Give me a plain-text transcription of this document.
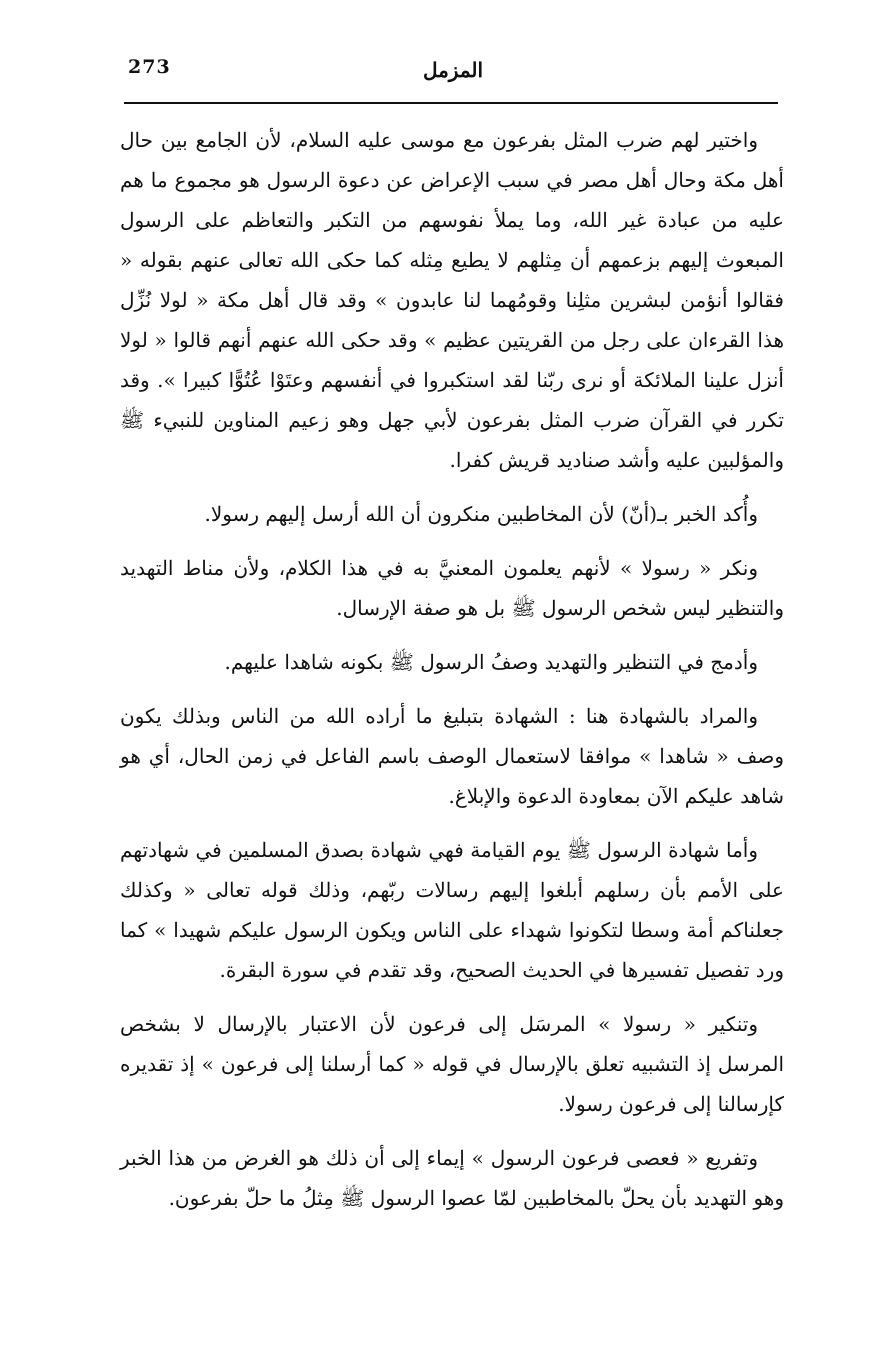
273	المزمل

واختير لهم ضرب المثل بفرعون مع موسى عليه السلام، لأن الجامع بين حال أهل مكة وحال أهل مصر في سبب الإعراض عن دعوة الرسول هو مجموع ما هم عليه من عبادة غير الله، وما يملأ نفوسهم من التكبر والتعاظم على الرسول المبعوث إليهم بزعمهم أن مِثلهم لا يطيع مِثله كما حكى الله تعالى عنهم بقوله « فقالوا أنؤمن لبشرين مثلِنا وقومُهما لنا عابدون » وقد قال أهل مكة « لولا نُزِّل هذا القرءان على رجل من القريتين عظيم » وقد حكى الله عنهم أنهم قالوا « لولا أنزل علينا الملائكة أو نرى ربّنا لقد استكبروا في أنفسهم وعتَوْا عُتُوًّا كبيرا ». وقد تكرر في القرآن ضرب المثل بفرعون لأبي جهل وهو زعيم المناوين للنبيء ﷺ والمؤلبين عليه وأشد صناديد قريش كفرا.

وأُكد الخبر بـ(أنّ) لأن المخاطبين منكرون أن الله أرسل إليهم رسولا.

ونكر « رسولا » لأنهم يعلمون المعنيَّ به في هذا الكلام، ولأن مناط التهديد والتنظير ليس شخص الرسول ﷺ بل هو صفة الإرسال.

وأدمج في التنظير والتهديد وصفُ الرسول ﷺ بكونه شاهدا عليهم.

والمراد بالشهادة هنا : الشهادة بتبليغ ما أراده الله من الناس وبذلك يكون وصف « شاهدا » موافقا لاستعمال الوصف باسم الفاعل في زمن الحال، أي هو شاهد عليكم الآن بمعاودة الدعوة والإبلاغ.

وأما شهادة الرسول ﷺ يوم القيامة فهي شهادة بصدق المسلمين في شهادتهم على الأمم بأن رسلهم أبلغوا إليهم رسالات ربّهم، وذلك قوله تعالى « وكذلك جعلناكم أمة وسطا لتكونوا شهداء على الناس ويكون الرسول عليكم شهيدا » كما ورد تفصيل تفسيرها في الحديث الصحيح، وقد تقدم في سورة البقرة.

وتنكير « رسولا » المرسَل إلى فرعون لأن الاعتبار بالإرسال لا بشخص المرسل إذ التشبيه تعلق بالإرسال في قوله « كما أرسلنا إلى فرعون » إذ تقديره كإرسالنا إلى فرعون رسولا.

وتفريع « فعصى فرعون الرسول » إيماء إلى أن ذلك هو الغرض من هذا الخبر وهو التهديد بأن يحلّ بالمخاطبين لمّا عصوا الرسول ﷺ مِثلُ ما حلّ بفرعون.
